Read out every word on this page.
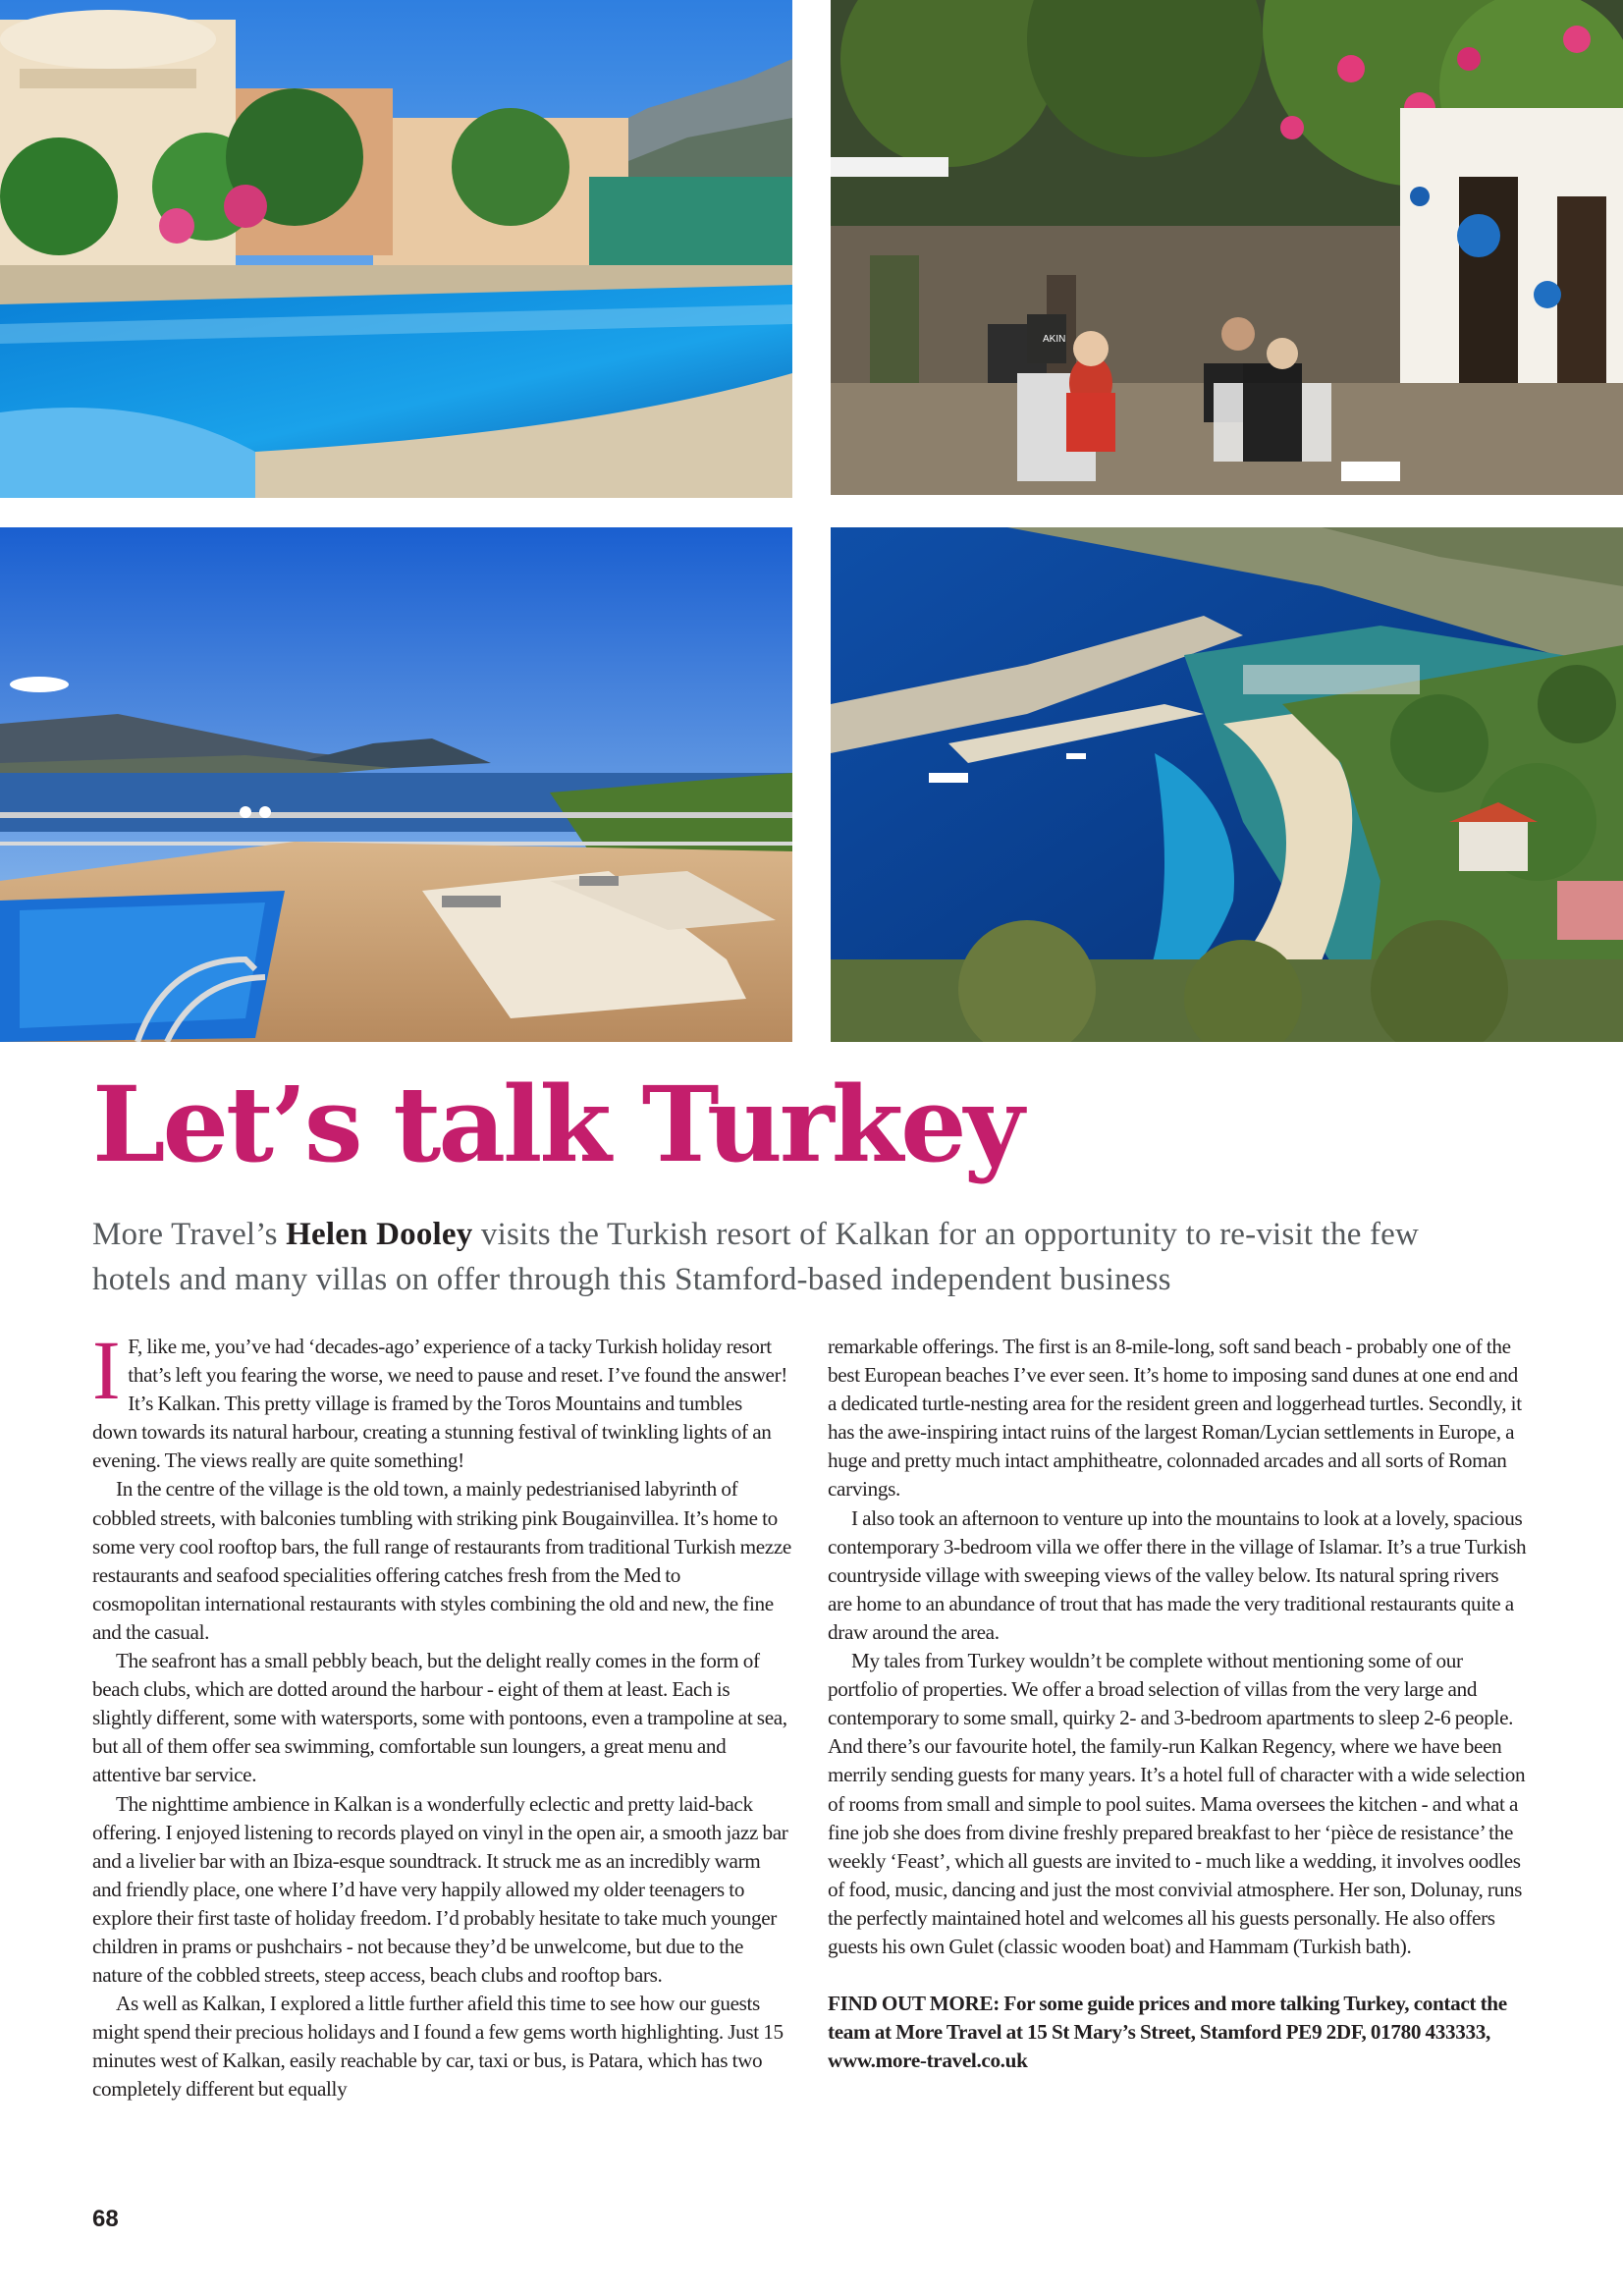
AKIN
Let’s talk Turkey

More Travel’s Helen Dooley visits the Turkish resort of Kalkan for an opportunity to re-visit the few hotels and many villas on offer through this Stamford-based independent business

I F, like me, you’ve had ‘decades-ago’ experience of a tacky Turkish holiday resort that’s left you fearing the worse, we need to pause and reset. I’ve found the answer! It’s Kalkan. This pretty village is framed by the Toros Mountains and tumbles down towards its natural harbour, creating a stunning festival of twinkling lights of an evening. The views really are quite something!

In the centre of the village is the old town, a mainly pedestrianised labyrinth of cobbled streets, with balconies tumbling with striking pink Bougainvillea. It’s home to some very cool rooftop bars, the full range of restaurants from traditional Turkish mezze restaurants and seafood specialities offering catches fresh from the Med to cosmopolitan international restaurants with styles combining the old and new, the fine and the casual.

The seafront has a small pebbly beach, but the delight really comes in the form of beach clubs, which are dotted around the harbour - eight of them at least. Each is slightly different, some with watersports, some with pontoons, even a trampoline at sea, but all of them offer sea swimming, comfortable sun loungers, a great menu and attentive bar service.

The nighttime ambience in Kalkan is a wonderfully eclectic and pretty laid-back offering. I enjoyed listening to records played on vinyl in the open air, a smooth jazz bar and a livelier bar with an Ibiza-esque soundtrack. It struck me as an incredibly warm and friendly place, one where I’d have very happily allowed my older teenagers to explore their first taste of holiday freedom. I’d probably hesitate to take much younger children in prams or pushchairs - not because they’d be unwelcome, but due to the nature of the cobbled streets, steep access, beach clubs and rooftop bars.

As well as Kalkan, I explored a little further afield this time to see how our guests might spend their precious holidays and I found a few gems worth highlighting. Just 15 minutes west of Kalkan, easily reachable by car, taxi or bus, is Patara, which has two completely different but equally

remarkable offerings. The first is an 8-mile-long, soft sand beach - probably one of the best European beaches I’ve ever seen. It’s home to imposing sand dunes at one end and a dedicated turtle-nesting area for the resident green and loggerhead turtles. Secondly, it has the awe-inspiring intact ruins of the largest Roman/Lycian settlements in Europe, a huge and pretty much intact amphitheatre, colonnaded arcades and all sorts of Roman carvings.

I also took an afternoon to venture up into the mountains to look at a lovely, spacious contemporary 3-bedroom villa we offer there in the village of Islamar. It’s a true Turkish countryside village with sweeping views of the valley below. Its natural spring rivers are home to an abundance of trout that has made the very traditional restaurants quite a draw around the area.

My tales from Turkey wouldn’t be complete without mentioning some of our portfolio of properties. We offer a broad selection of villas from the very large and contemporary to some small, quirky 2- and 3-bedroom apartments to sleep 2-6 people. And there’s our favourite hotel, the family-run Kalkan Regency, where we have been merrily sending guests for many years. It’s a hotel full of character with a wide selection of rooms from small and simple to pool suites. Mama oversees the kitchen - and what a fine job she does from divine freshly prepared breakfast to her ‘pièce de resistance’ the weekly ‘Feast’, which all guests are invited to - much like a wedding, it involves oodles of food, music, dancing and just the most convivial atmosphere. Her son, Dolunay, runs the perfectly maintained hotel and welcomes all his guests personally. He also offers guests his own Gulet (classic wooden boat) and Hammam (Turkish bath).

FIND OUT MORE: For some guide prices and more talking Turkey, contact the team at More Travel at 15 St Mary’s Street, Stamford PE9 2DF, 01780 433333, www.more-travel.co.uk

68
